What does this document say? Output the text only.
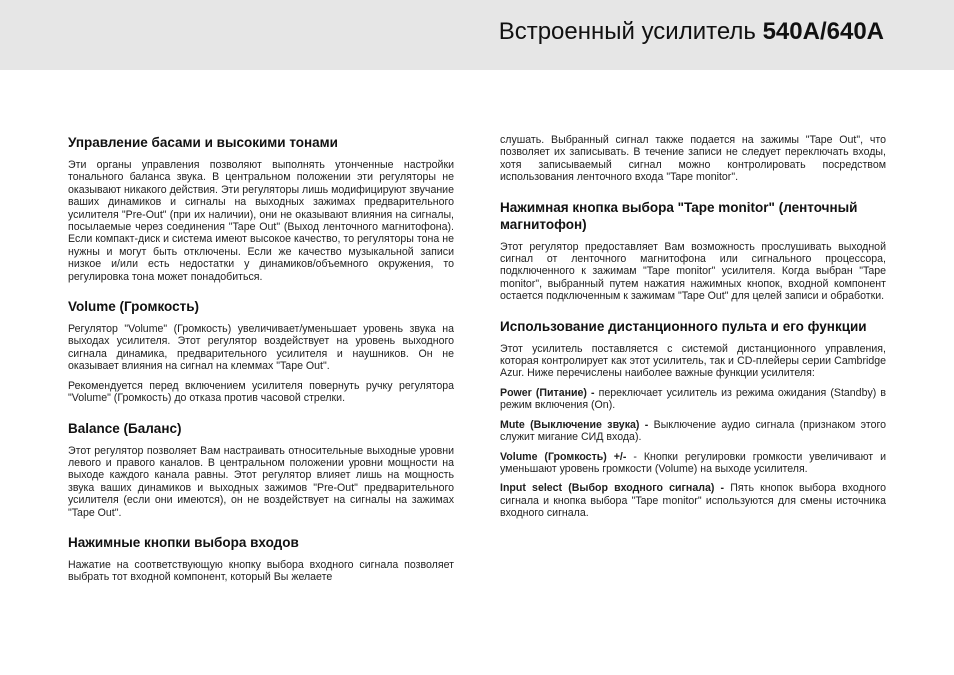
Встроенный усилитель 540A/640A
Управление басами и высокими тонами

Эти органы управления позволяют выполнять утонченные настройки тонального баланса звука. В центральном положении эти регуляторы не оказывают никакого действия. Эти регуляторы лишь модифицируют звучание ваших динамиков и сигналы на выходных зажимах предварительного усилителя "Pre-Out" (при их наличии), они не оказывают влияния на сигналы, посылаемые через соединения "Tape Out" (Выход ленточного магнитофона). Если компакт-диск и система имеют высокое качество, то регуляторы тона не нужны и могут быть отключены. Если же качество музыкальной записи низкое и/или есть недостатки у динамиков/объемного окружения, то регулировка тона может понадобиться.

Volume (Громкость)

Регулятор "Volume" (Громкость) увеличивает/уменьшает уровень звука на выходах усилителя. Этот регулятор воздействует на уровень выходного сигнала динамика, предварительного усилителя и наушников. Он не оказывает влияния на сигнал на клеммах "Tape Out".

Рекомендуется перед включением усилителя повернуть ручку регулятора "Volume" (Громкость) до отказа против часовой стрелки.

Balance (Баланс)

Этот регулятор позволяет Вам настраивать относительные выходные уровни левого и правого каналов. В центральном положении уровни мощности на выходе каждого канала равны. Этот регулятор влияет лишь на мощность звука ваших динамиков и выходных зажимов "Pre-Out" предварительного усилителя (если они имеются), он не воздействует на сигналы на зажимах "Tape Out".

Нажимные кнопки выбора входов

Нажатие на соответствующую кнопку выбора входного сигнала позволяет выбрать тот входной компонент, который Вы желаете

слушать. Выбранный сигнал также подается на зажимы "Tape Out", что позволяет их записывать. В течение записи не следует переключать входы, хотя записываемый сигнал можно контролировать посредством использования ленточного входа "Tape monitor".

Нажимная кнопка выбора "Tape monitor" (ленточный магнитофон)

Этот регулятор предоставляет Вам возможность прослушивать выходной сигнал от ленточного магнитофона или сигнального процессора, подключенного к зажимам "Tape monitor" усилителя. Когда выбран "Tape monitor", выбранный путем нажатия нажимных кнопок, входной компонент остается подключенным к зажимам "Tape Out" для целей записи и обработки.

Использование дистанционного пульта и его функции

Этот усилитель поставляется с системой дистанционного управления, которая контролирует как этот усилитель, так и CD-плейеры серии Cambridge Azur. Ниже перечислены наиболее важные функции усилителя:

Power (Питание) - переключает усилитель из режима ожидания (Standby) в режим включения (On).

Mute (Выключение звука) - Выключение аудио сигнала (признаком этого служит мигание СИД входа).

Volume (Громкость) +/- - Кнопки регулировки громкости увеличивают и уменьшают уровень громкости (Volume) на выходе усилителя.

Input select (Выбор входного сигнала) - Пять кнопок выбора входного сигнала и кнопка выбора "Tape monitor" используются для смены источника входного сигнала.
